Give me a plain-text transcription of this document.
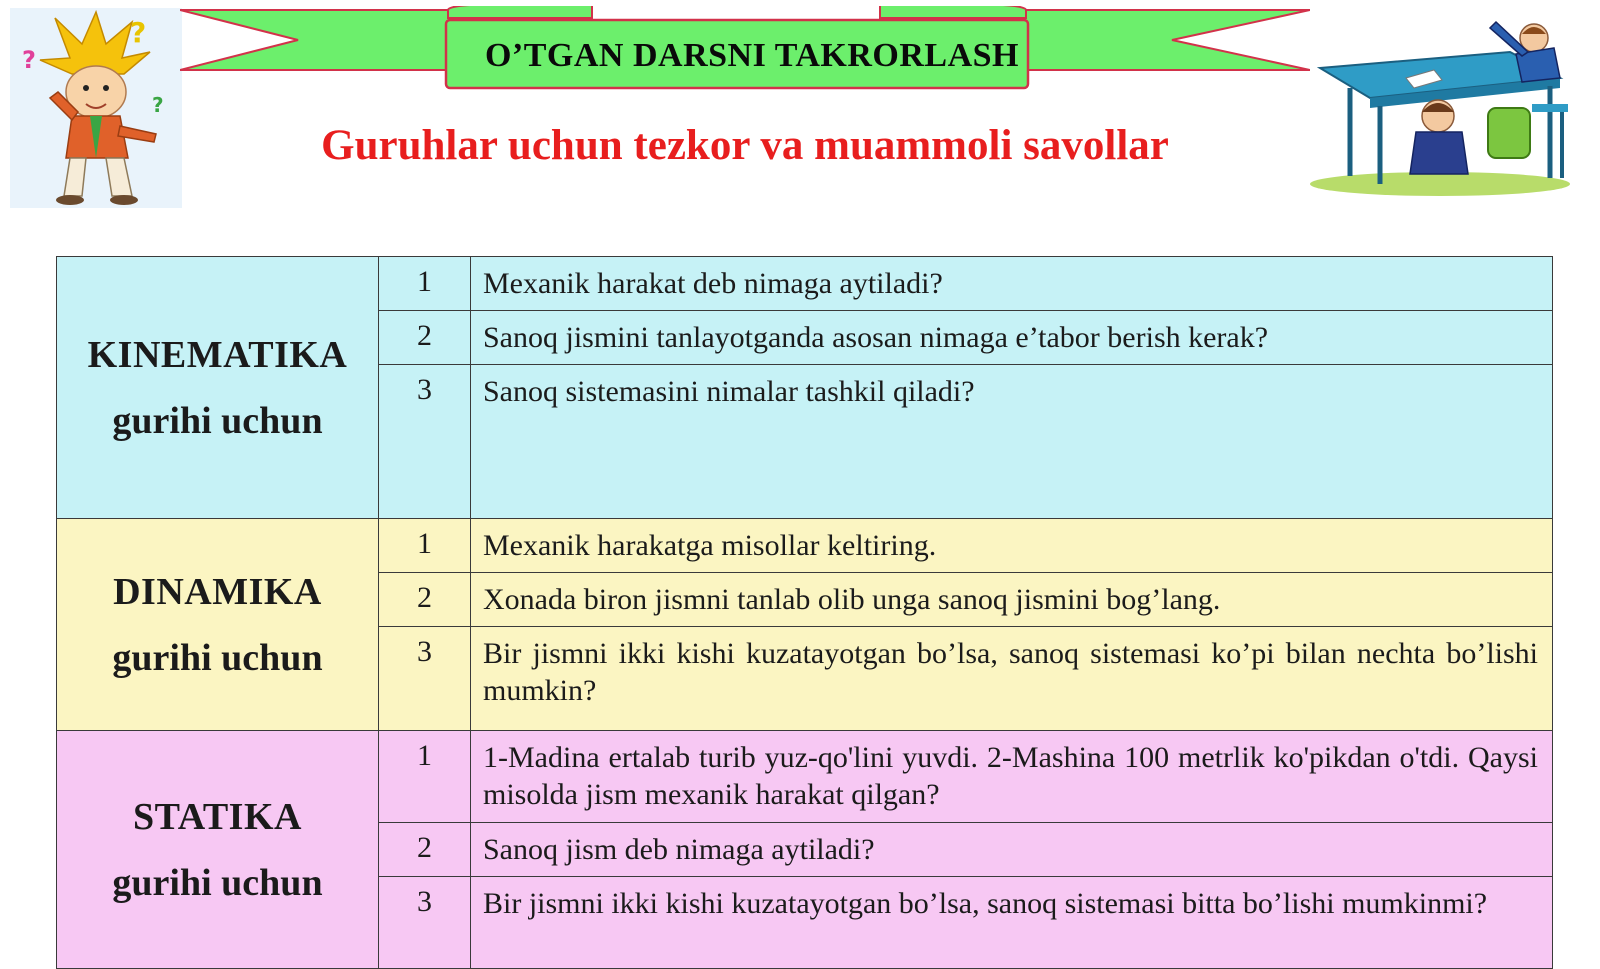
?
?
?
O’TGAN DARSNI TAKRORLASH
Guruhlar uchun tezkor va muammoli savollar
KINEMATIKA
gurihi uchun	1	Mexanik harakat deb nimaga aytiladi?
	2	Sanoq jismini tanlayotganda asosan nimaga e’tabor berish kerak?
	3	Sanoq sistemasini nimalar tashkil qiladi?

DINAMIKA
gurihi uchun	1	Mexanik harakatga misollar keltiring.
	2	Xonada biron jismni tanlab olib unga sanoq jismini bog’lang.
	3	Bir jismni ikki kishi kuzatayotgan bo’lsa, sanoq sistemasi ko’pi bilan nechta bo’lishi mumkin?

STATIKA
gurihi uchun	1	1-Madina ertalab turib yuz-qo'lini yuvdi. 2-Mashina 100 metrlik ko'pikdan o'tdi. Qaysi misolda jism mexanik harakat qilgan?
	2	Sanoq jism deb nimaga aytiladi?
	3	Bir jismni ikki kishi kuzatayotgan bo’lsa, sanoq sistemasi bitta bo’lishi mumkinmi?
